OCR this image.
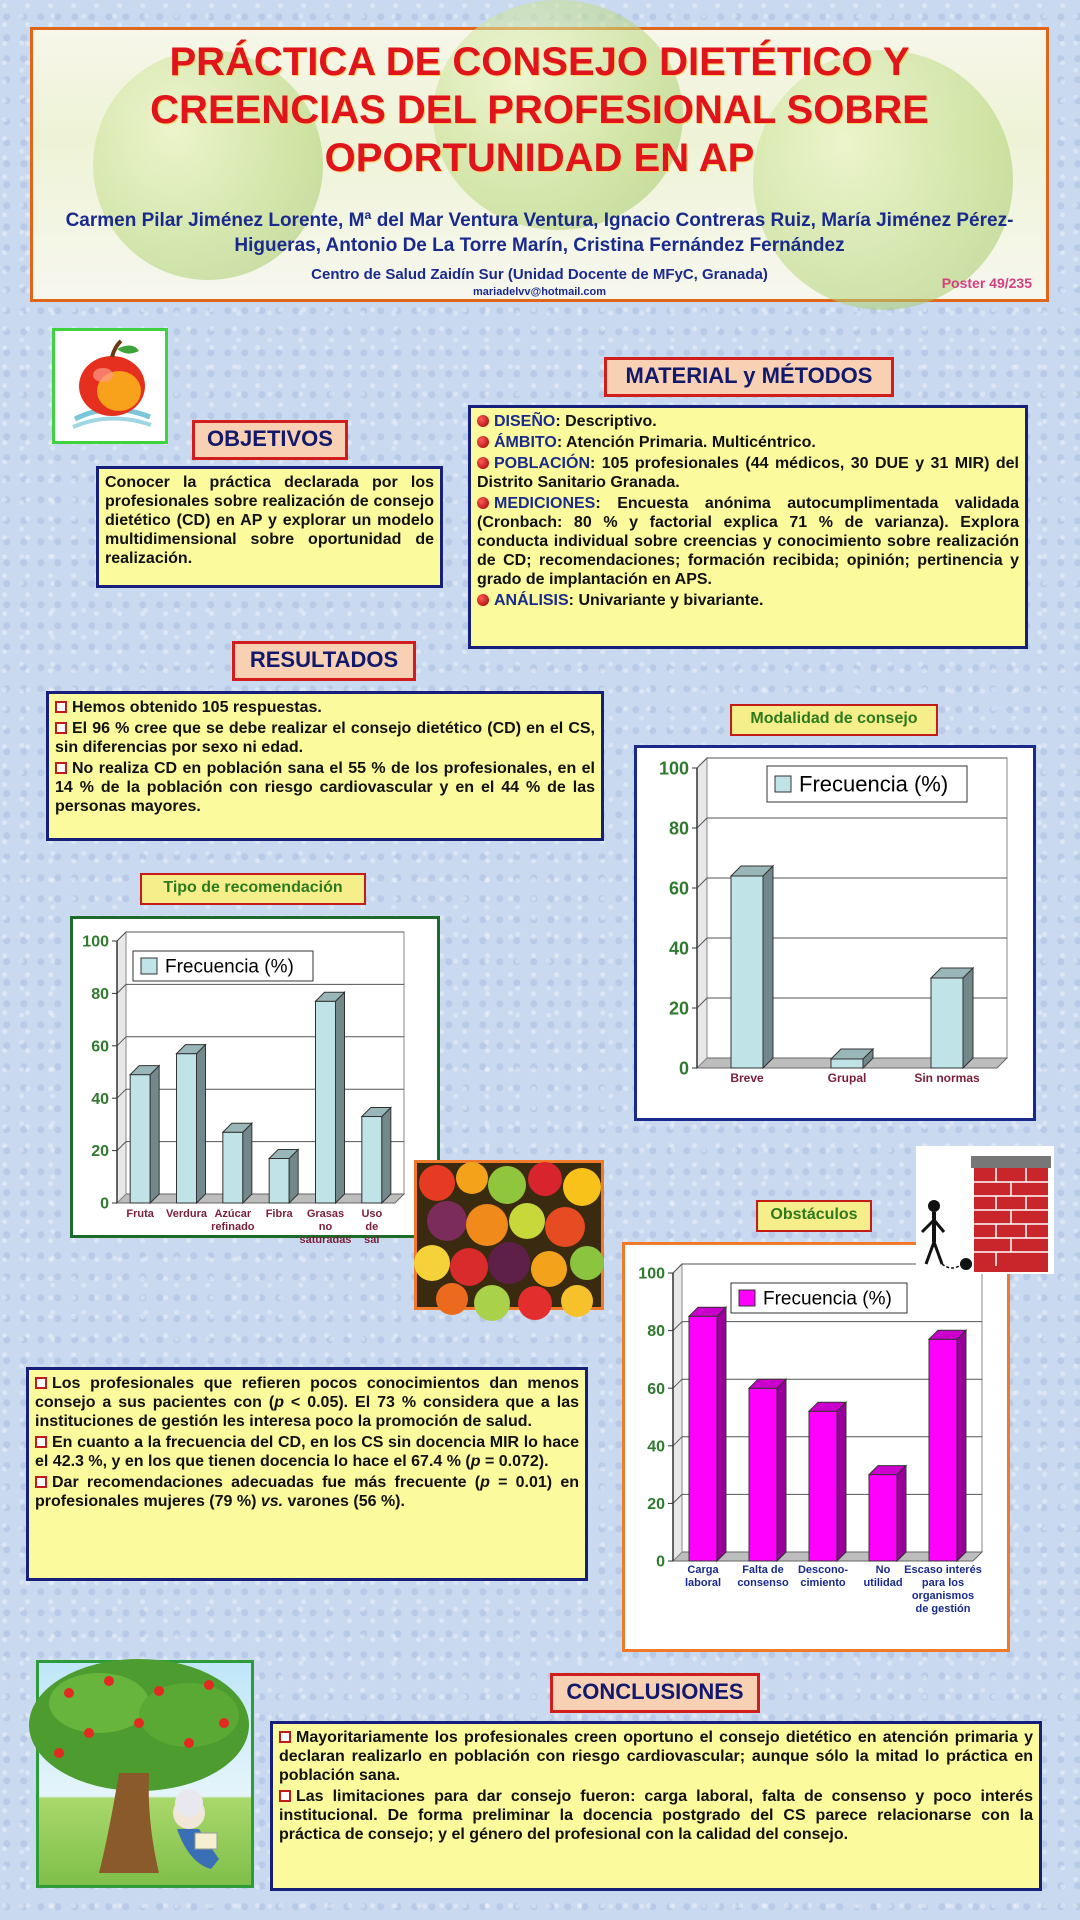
PRÁCTICA DE CONSEJO DIETÉTICO Y
CREENCIAS DEL PROFESIONAL SOBRE
OPORTUNIDAD EN AP
Carmen Pilar Jiménez Lorente, Mª del Mar Ventura Ventura, Ignacio Contreras Ruiz, María Jiménez Pérez-
Higueras, Antonio De La Torre Marín, Cristina Fernández Fernández
Centro de Salud Zaidín Sur (Unidad Docente de MFyC, Granada)
mariadelvv@hotmail.com
Poster 49/235
OBJETIVOS

Conocer la práctica declarada por los profesionales sobre realización de consejo dietético (CD) en AP y explorar un modelo multidimensional sobre oportunidad de realización.

MATERIAL y MÉTODOS

DISEÑO: Descriptivo.

ÁMBITO: Atención Primaria. Multicéntrico.

POBLACIÓN: 105 profesionales (44 médicos, 30 DUE y 31 MIR) del Distrito Sanitario Granada.

MEDICIONES: Encuesta anónima autocumplimentada validada (Cronbach: 80 % y factorial explica 71 % de varianza). Explora conducta individual sobre creencias y conocimiento sobre realización de CD; recomendaciones; formación recibida; opinión; pertinencia y grado de implantación en APS.

ANÁLISIS: Univariante y bivariante.

RESULTADOS

Hemos obtenido 105 respuestas.

El 96 % cree que se debe realizar el consejo dietético (CD) en el CS, sin diferencias por sexo ni edad.

No realiza CD en población sana el 55 % de los profesionales, en el 14 % de la población con riesgo cardiovascular y en el 44 % de las personas mayores.

Modalidad de consejo
Tipo de recomendación
Obstáculos
0
20
40
60
80
100
Breve	Grupal	Sin normas
Frecuencia (%)
0
20
40
60
80
100
Fruta Verdura Azúcar
refinado
Fibra Grasas
no
saturadas
Uso
de
sal
Frecuencia (%)
0
20
40
60
80
100
Carga
laboral
Falta de
consenso
Descono-
cimiento
No
utilidad
Escaso interés
para los
organismos
de gestión
Frecuencia (%)

Los profesionales que refieren pocos conocimientos dan menos consejo a sus pacientes con (p < 0.05). El 73 % considera que a las instituciones de gestión les interesa poco la promoción de salud.

En cuanto a la frecuencia del CD, en los CS sin docencia MIR lo hace el 42.3 %, y en los que tienen docencia lo hace el 67.4 % (p = 0.072).

Dar recomendaciones adecuadas fue más frecuente (p = 0.01) en profesionales mujeres (79 %) vs. varones (56 %).

CONCLUSIONES

Mayoritariamente los profesionales creen oportuno el consejo dietético en atención primaria y declaran realizarlo en población con riesgo cardiovascular; aunque sólo la mitad lo práctica en población sana.

Las limitaciones para dar consejo fueron: carga laboral, falta de consenso y poco interés institucional. De forma preliminar la docencia postgrado del CS parece relacionarse con la práctica de consejo; y el género del profesional con la calidad del consejo.
